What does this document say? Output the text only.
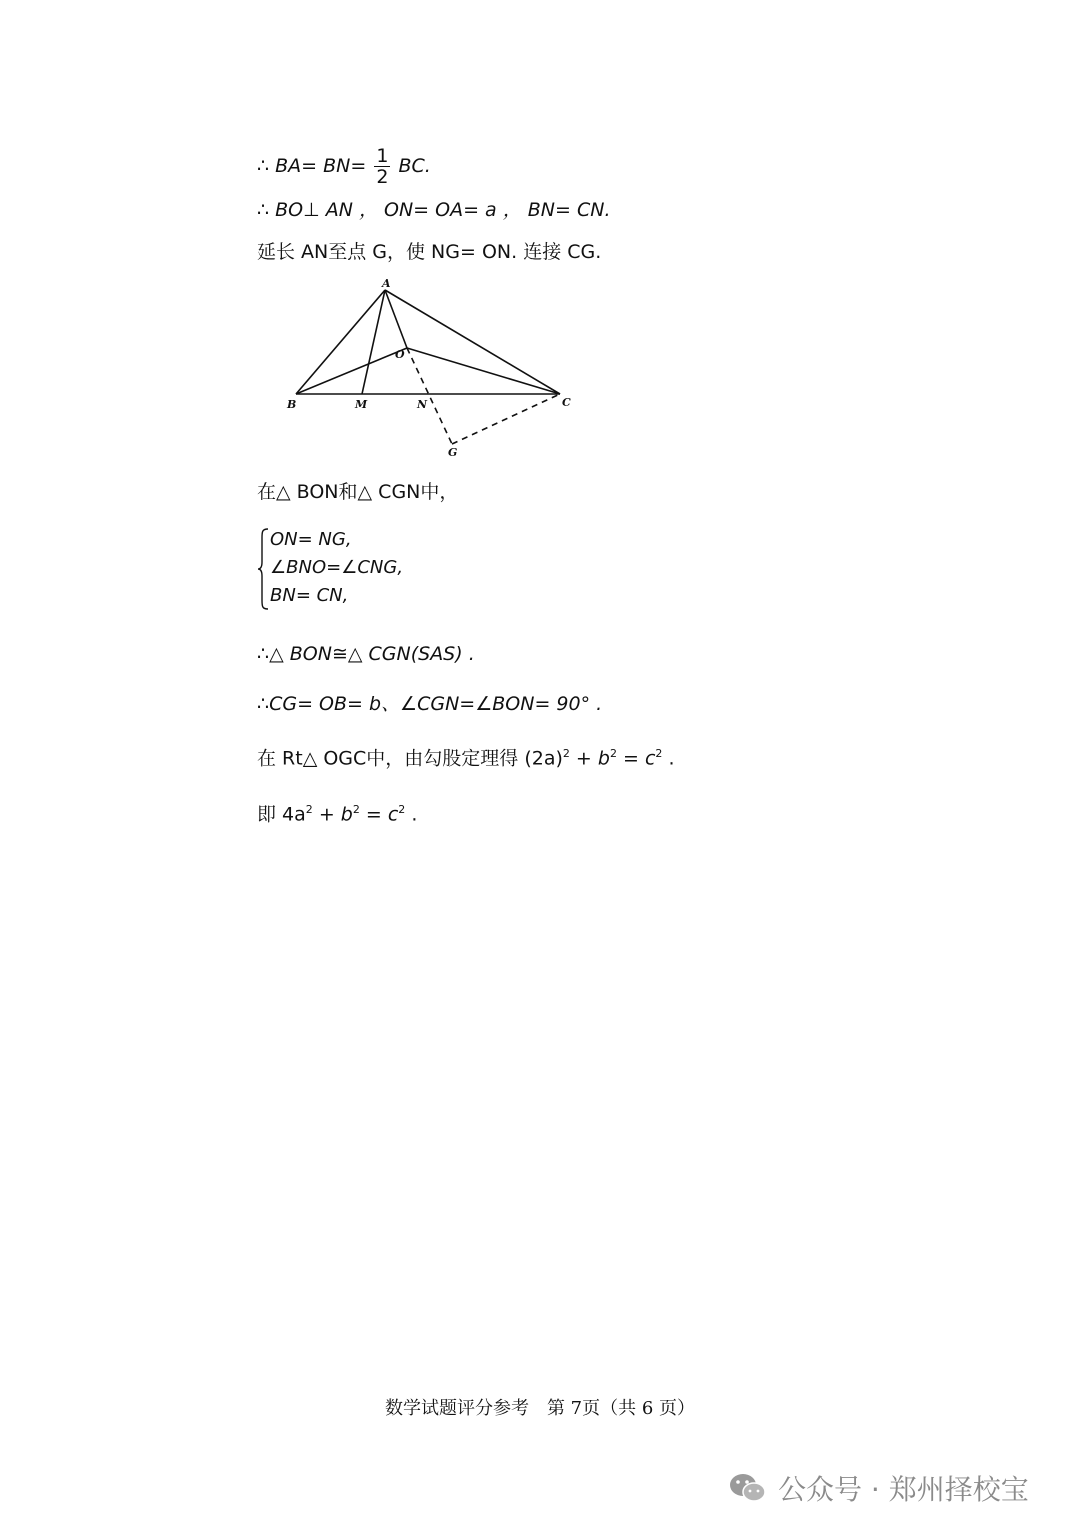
∴ $BA= BN= \frac{1}{2}$ BC.
∴ BO⊥ AN ， ON= OA= a ， BN= CN.
延长 AN至点 G，使 NG= ON. 连接 CG.
A
O
B	M	N	C
G
在△ BON和△ CGN中，
ON= NG,
∠BNO=∠CNG,
BN= CN,
∴△ BON≅△ CGN(SAS) .
∴CG= OB= b、∠CGN=∠BON= 90° .
在 Rt△ OGC中，由勾股定理得 $(2a)^2 + b^2 = c^2$ .
即 $4a^2 + b^2 = c^2$ .
数学试题评分参考　第 7页（共 6 页）
公众号 · 郑州择校宝
